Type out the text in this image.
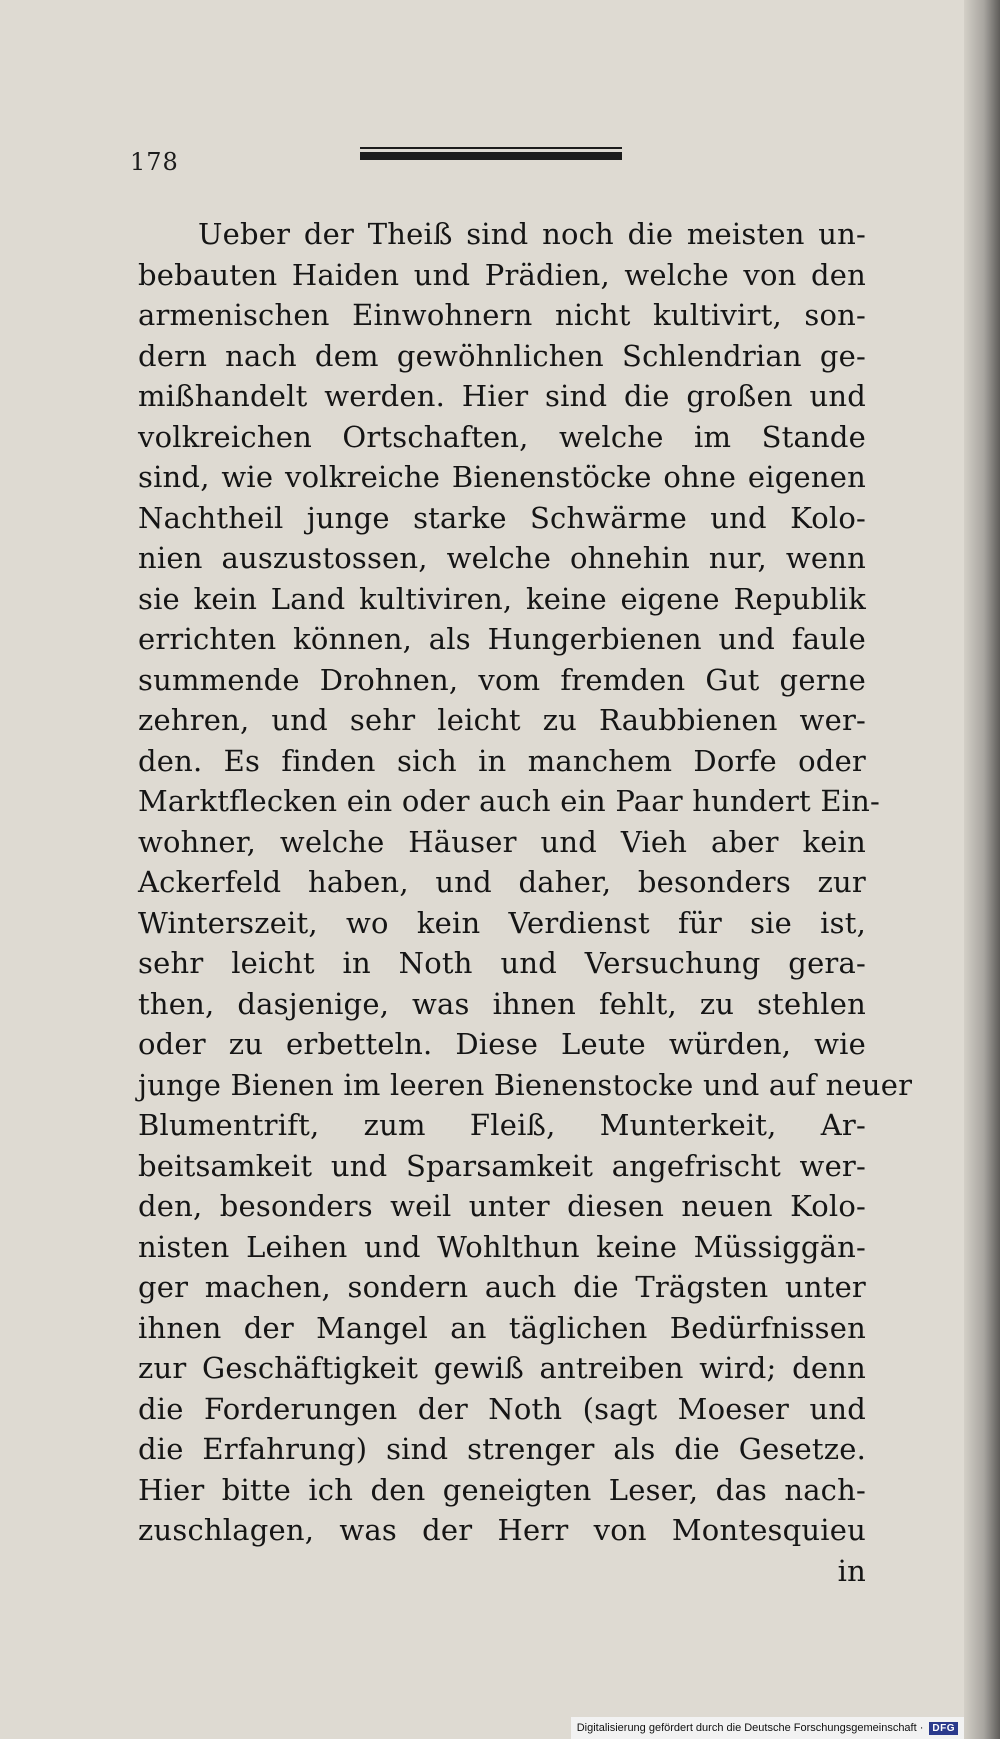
178
Ueber der Theiß sind noch die meisten un-
bebauten Haiden und Prädien, welche von den
armenischen Einwohnern nicht kultivirt, son-
dern nach dem gewöhnlichen Schlendrian ge-
mißhandelt werden. Hier sind die großen und
volkreichen Ortschaften, welche im Stande
sind, wie volkreiche Bienenstöcke ohne eigenen
Nachtheil junge starke Schwärme und Kolo-
nien auszustossen, welche ohnehin nur, wenn
sie kein Land kultiviren, keine eigene Republik
errichten können, als Hungerbienen und faule
summende Drohnen, vom fremden Gut gerne
zehren, und sehr leicht zu Raubbienen wer-
den. Es finden sich in manchem Dorfe oder
Marktflecken ein oder auch ein Paar hundert Ein-
wohner, welche Häuser und Vieh aber kein
Ackerfeld haben, und daher, besonders zur
Winterszeit, wo kein Verdienst für sie ist,
sehr leicht in Noth und Versuchung gera-
then, dasjenige, was ihnen fehlt, zu stehlen
oder zu erbetteln. Diese Leute würden, wie
junge Bienen im leeren Bienenstocke und auf neuer
Blumentrift, zum Fleiß, Munterkeit, Ar-
beitsamkeit und Sparsamkeit angefrischt wer-
den, besonders weil unter diesen neuen Kolo-
nisten Leihen und Wohlthun keine Müssiggän-
ger machen, sondern auch die Trägsten unter
ihnen der Mangel an täglichen Bedürfnissen
zur Geschäftigkeit gewiß antreiben wird; denn
die Forderungen der Noth (sagt Moeser und
die Erfahrung) sind strenger als die Gesetze.
Hier bitte ich den geneigten Leser, das nach-
zuschlagen, was der Herr von Montesquieu
in
Digitalisierung gefördert durch die Deutsche Forschungsgemeinschaft · DFG
